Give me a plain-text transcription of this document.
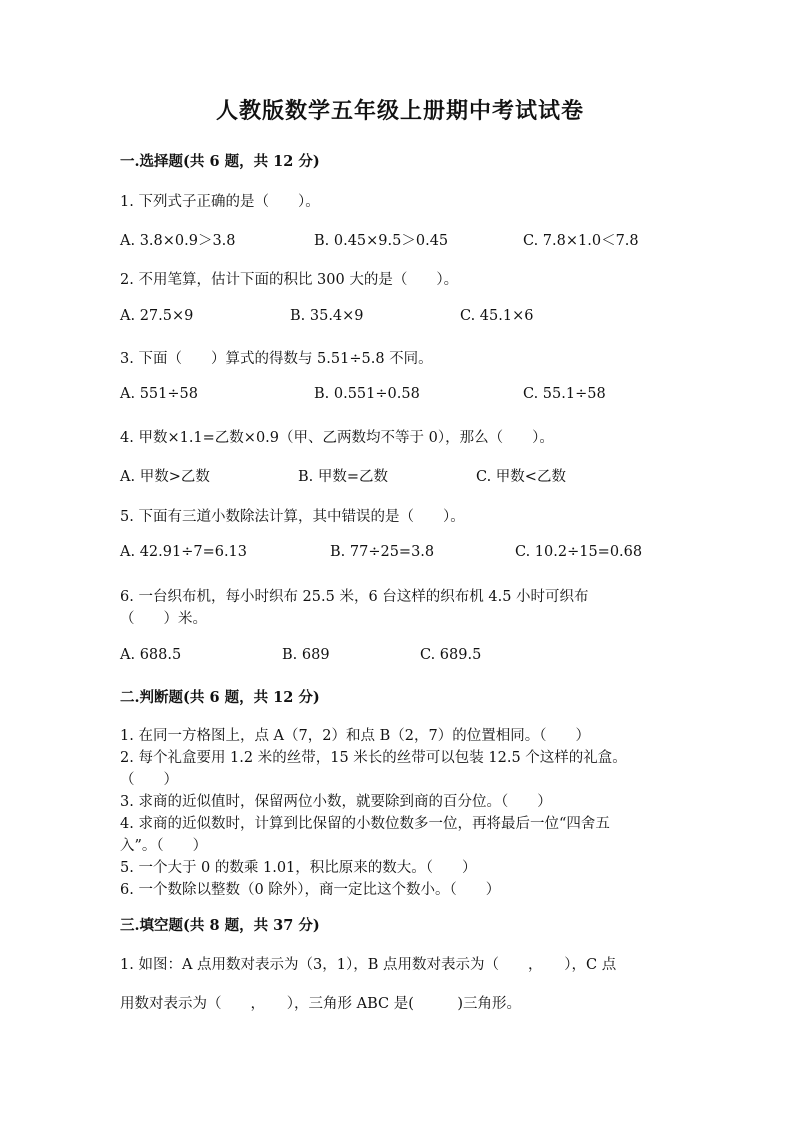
人教版数学五年级上册期中考试试卷
一.选择题(共 6 题，共 12 分)
1. 下列式子正确的是（　　）。
A. 3.8×0.9＞3.8	B. 0.45×9.5＞0.45	C. 7.8×1.0＜7.8
2. 不用笔算，估计下面的积比 300 大的是（　　）。
A. 27.5×9	B. 35.4×9	C. 45.1×6
3. 下面（　　）算式的得数与 5.51÷5.8 不同。
A. 551÷58	B. 0.551÷0.58	C. 55.1÷58
4. 甲数×1.1=乙数×0.9（甲、乙两数均不等于 0），那么（　　）。
A. 甲数>乙数	B. 甲数=乙数	C. 甲数<乙数
5. 下面有三道小数除法计算，其中错误的是（　　）。
A. 42.91÷7=6.13	B. 77÷25=3.8	C. 10.2÷15=0.68
6. 一台织布机，每小时织布 25.5 米，6 台这样的织布机 4.5 小时可织布
（　　）米。
A. 688.5	B. 689	C. 689.5
二.判断题(共 6 题，共 12 分)
1. 在同一方格图上，点 A（7，2）和点 B（2，7）的位置相同。（　　）
2. 每个礼盒要用 1.2 米的丝带，15 米长的丝带可以包装 12.5 个这样的礼盒。
（　　）
3. 求商的近似值时，保留两位小数，就要除到商的百分位。（　　）
4. 求商的近似数时，计算到比保留的小数位数多一位，再将最后一位“四舍五
入”。（　　）
5. 一个大于 0 的数乘 1.01，积比原来的数大。（　　）
6. 一个数除以整数（0 除外），商一定比这个数小。（　　）
三.填空题(共 8 题，共 37 分)
1. 如图：A 点用数对表示为（3，1），B 点用数对表示为（　　，　　），C 点
用数对表示为（　　，　　），三角形 ABC 是(　　　)三角形。
